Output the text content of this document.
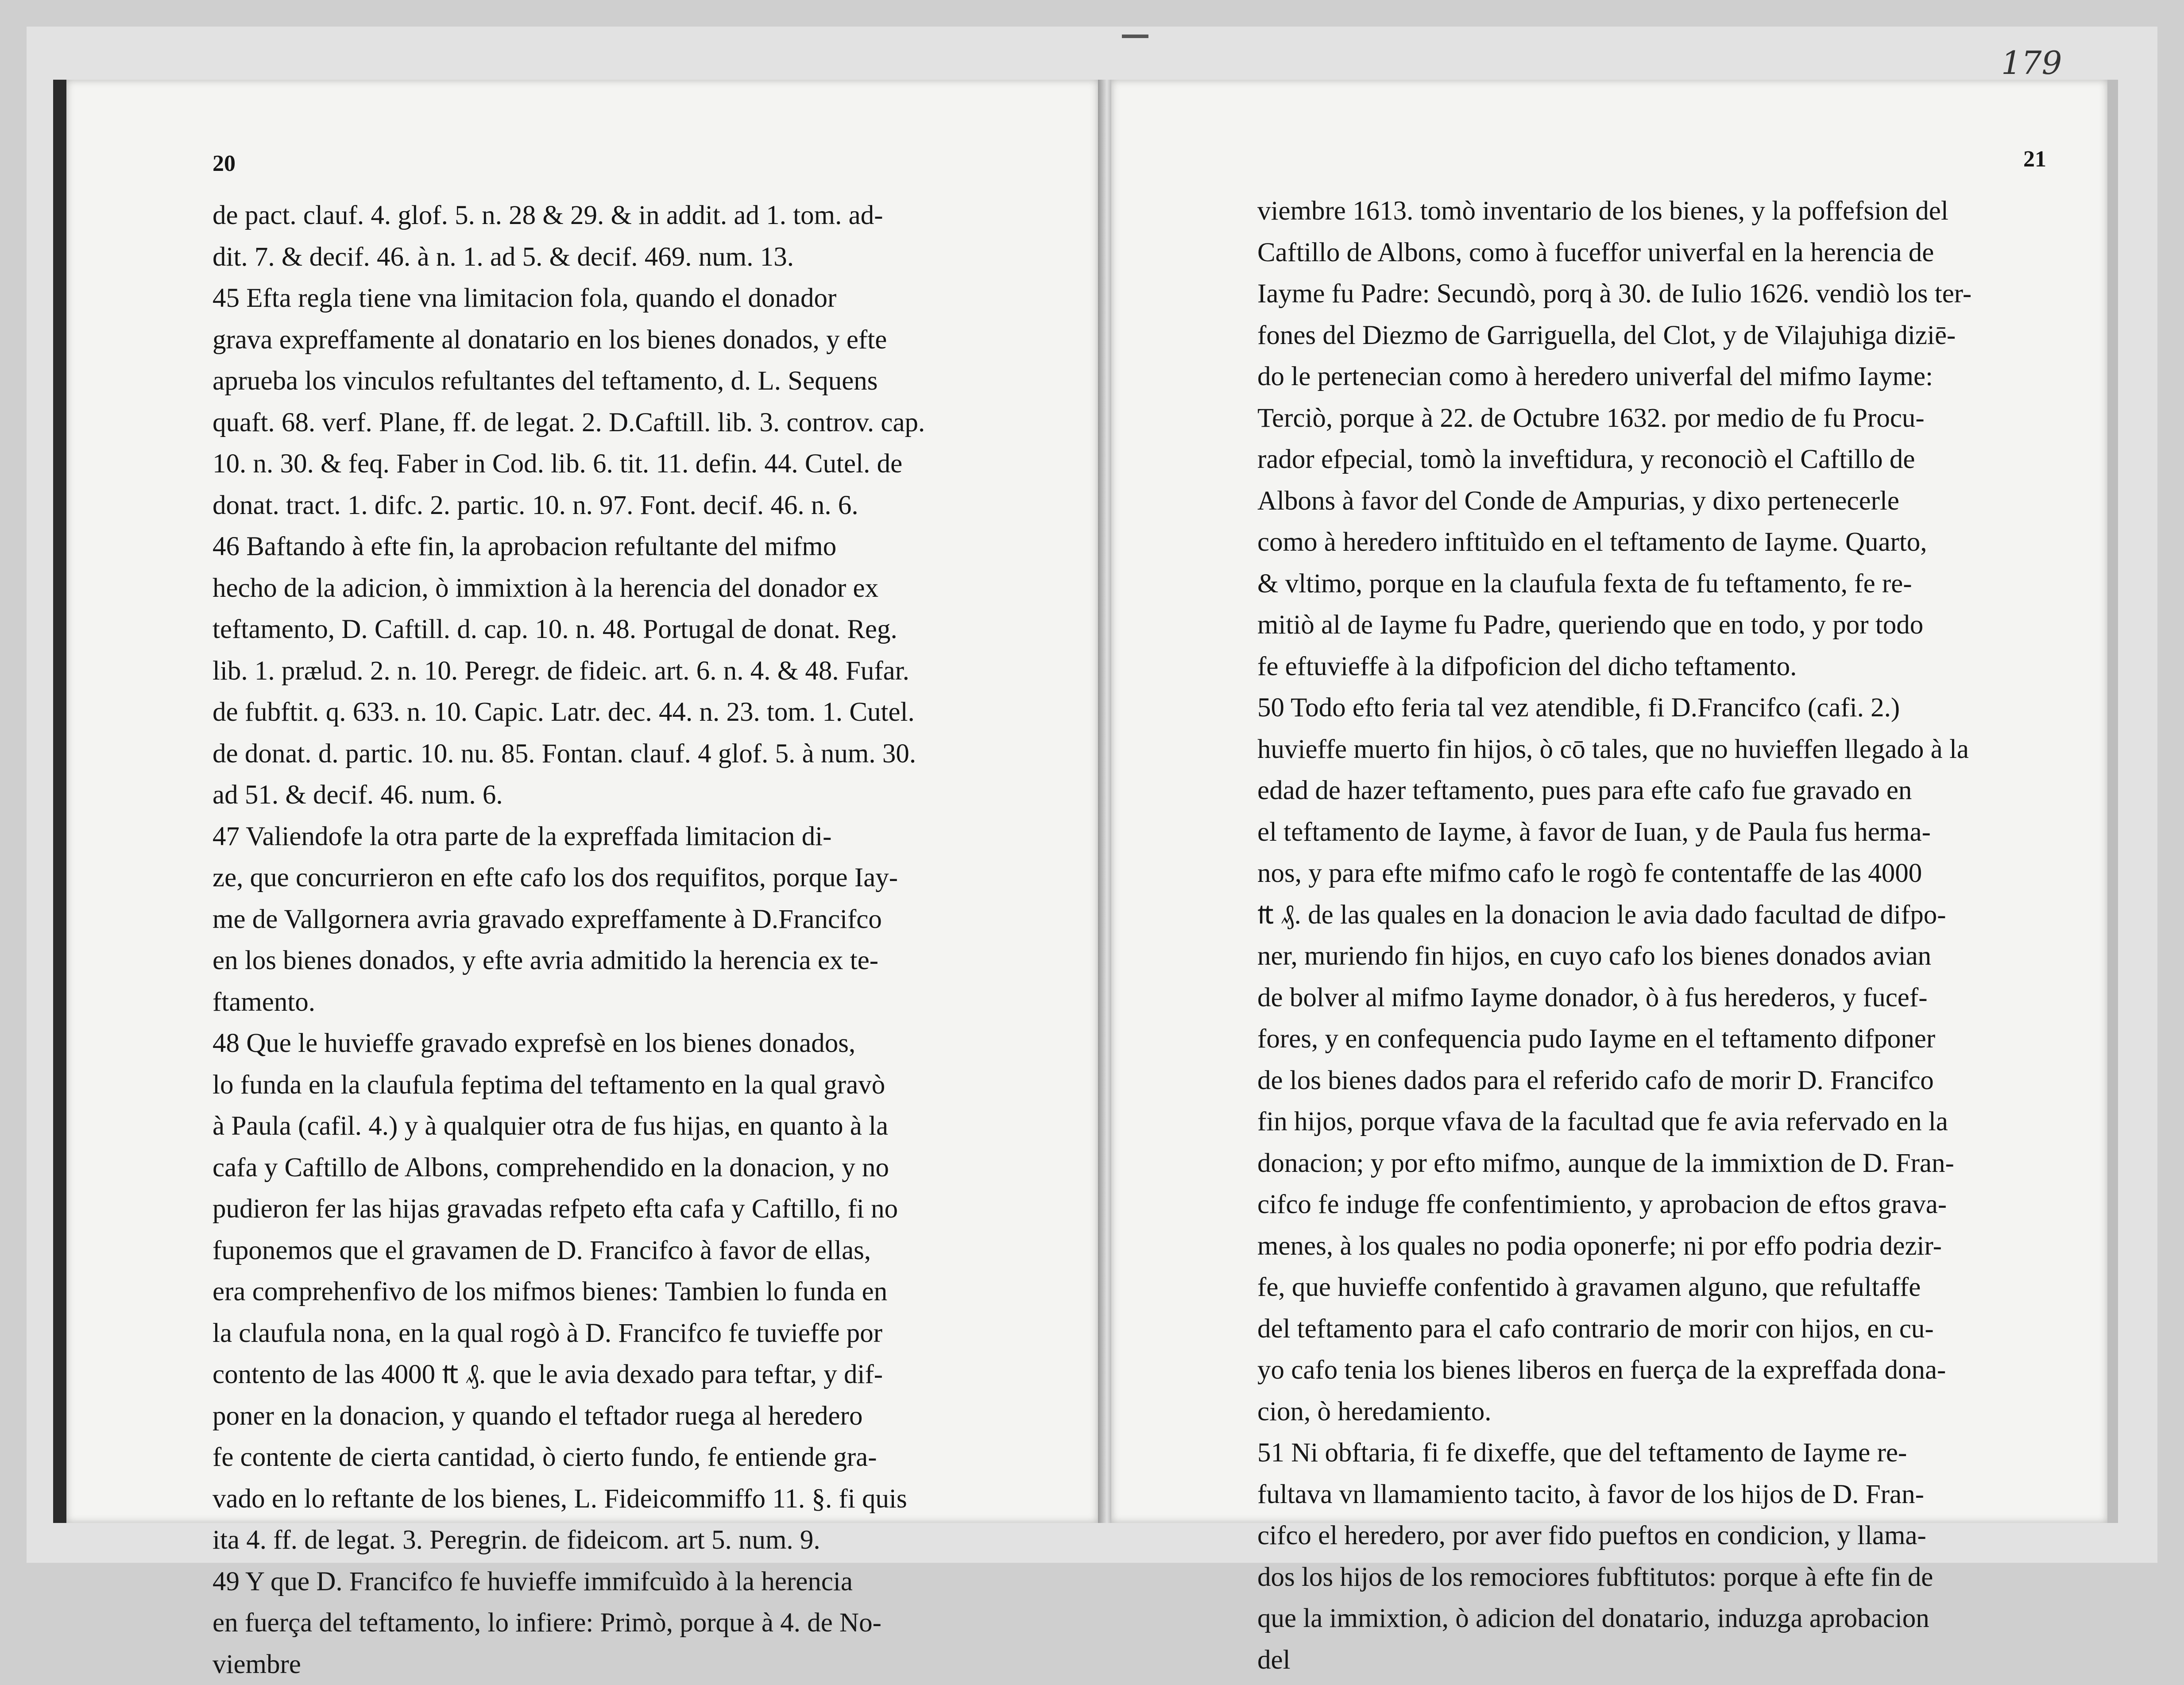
20
de pact. clauf. 4. glof. 5. n. 28 & 29. & in addit. ad 1. tom. ad-
dit. 7. & decif. 46. à n. 1. ad 5. & decif. 469. num. 13.
45 Efta regla tiene vna limitacion fola, quando el donador
grava expreffamente al donatario en los bienes donados, y efte
aprueba los vinculos refultantes del teftamento, d. L. Sequens
quaft. 68. verf. Plane, ff. de legat. 2. D.Caftill. lib. 3. controv. cap.
10. n. 30. & feq. Faber in Cod. lib. 6. tit. 11. defin. 44. Cutel. de
donat. tract. 1. difc. 2. partic. 10. n. 97. Font. decif. 46. n. 6.
46 Baftando à efte fin, la aprobacion refultante del mifmo
hecho de la adicion, ò immixtion à la herencia del donador ex
teftamento, D. Caftill. d. cap. 10. n. 48. Portugal de donat. Reg.
lib. 1. prælud. 2. n. 10. Peregr. de fideic. art. 6. n. 4. & 48. Fufar.
de fubftit. q. 633. n. 10. Capic. Latr. dec. 44. n. 23. tom. 1. Cutel.
de donat. d. partic. 10. nu. 85. Fontan. clauf. 4 glof. 5. à num. 30.
ad 51. & decif. 46. num. 6.
47 Valiendofe la otra parte de la expreffada limitacion di-
ze, que concurrieron en efte cafo los dos requifitos, porque Iay-
me de Vallgornera avria gravado expreffamente à D.Francifco
en los bienes donados, y efte avria admitido la herencia ex te-
ftamento.
48 Que le huvieffe gravado exprefsè en los bienes donados,
lo funda en la claufula feptima del teftamento en la qual gravò
à Paula (cafil. 4.) y à qualquier otra de fus hijas, en quanto à la
cafa y Caftillo de Albons, comprehendido en la donacion, y no
pudieron fer las hijas gravadas refpeto efta cafa y Caftillo, fi no
fuponemos que el gravamen de D. Francifco à favor de ellas,
era comprehenfivo de los mifmos bienes: Tambien lo funda en
la claufula nona, en la qual rogò à D. Francifco fe tuvieffe por
contento de las 4000 ₶ ₰. que le avia dexado para teftar, y dif-
poner en la donacion, y quando el teftador ruega al heredero
fe contente de cierta cantidad, ò cierto fundo, fe entiende gra-
vado en lo reftante de los bienes, L. Fideicommiffo 11. §. fi quis
ita 4. ff. de legat. 3. Peregrin. de fideicom. art 5. num. 9.
49 Y que D. Francifco fe huvieffe immifcuìdo à la herencia
en fuerça del teftamento, lo infiere: Primò, porque à 4. de No-
viembre
179
21
viembre 1613. tomò inventario de los bienes, y la poffefsion del
Caftillo de Albons, como à fuceffor univerfal en la herencia de
Iayme fu Padre: Secundò, porq à 30. de Iulio 1626. vendiò los ter-
fones del Diezmo de Garriguella, del Clot, y de Vilajuhiga diziē-
do le pertenecian como à heredero univerfal del mifmo Iayme:
Terciò, porque à 22. de Octubre 1632. por medio de fu Procu-
rador efpecial, tomò la inveftidura, y reconociò el Caftillo de
Albons à favor del Conde de Ampurias, y dixo pertenecerle
como à heredero inftituìdo en el teftamento de Iayme. Quarto,
& vltimo, porque en la claufula fexta de fu teftamento, fe re-
mitiò al de Iayme fu Padre, queriendo que en todo, y por todo
fe eftuvieffe à la difpoficion del dicho teftamento.
50 Todo efto feria tal vez atendible, fi D.Francifco (cafi. 2.)
huvieffe muerto fin hijos, ò cō tales, que no huvieffen llegado à la
edad de hazer teftamento, pues para efte cafo fue gravado en
el teftamento de Iayme, à favor de Iuan, y de Paula fus herma-
nos, y para efte mifmo cafo le rogò fe contentaffe de las 4000
₶ ₰. de las quales en la donacion le avia dado facultad de difpo-
ner, muriendo fin hijos, en cuyo cafo los bienes donados avian
de bolver al mifmo Iayme donador, ò à fus herederos, y fucef-
fores, y en confequencia pudo Iayme en el teftamento difponer
de los bienes dados para el referido cafo de morir D. Francifco
fin hijos, porque vfava de la facultad que fe avia refervado en la
donacion; y por efto mifmo, aunque de la immixtion de D. Fran-
cifco fe induge ffe confentimiento, y aprobacion de eftos grava-
menes, à los quales no podia oponerfe; ni por effo podria dezir-
fe, que huvieffe confentido à gravamen alguno, que refultaffe
del teftamento para el cafo contrario de morir con hijos, en cu-
yo cafo tenia los bienes liberos en fuerça de la expreffada dona-
cion, ò heredamiento.
51 Ni obftaria, fi fe dixeffe, que del teftamento de Iayme re-
fultava vn llamamiento tacito, à favor de los hijos de D. Fran-
cifco el heredero, por aver fido pueftos en condicion, y llama-
dos los hijos de los remociores fubftitutos: porque à efte fin de
que la immixtion, ò adicion del donatario, induzga aprobacion
del
